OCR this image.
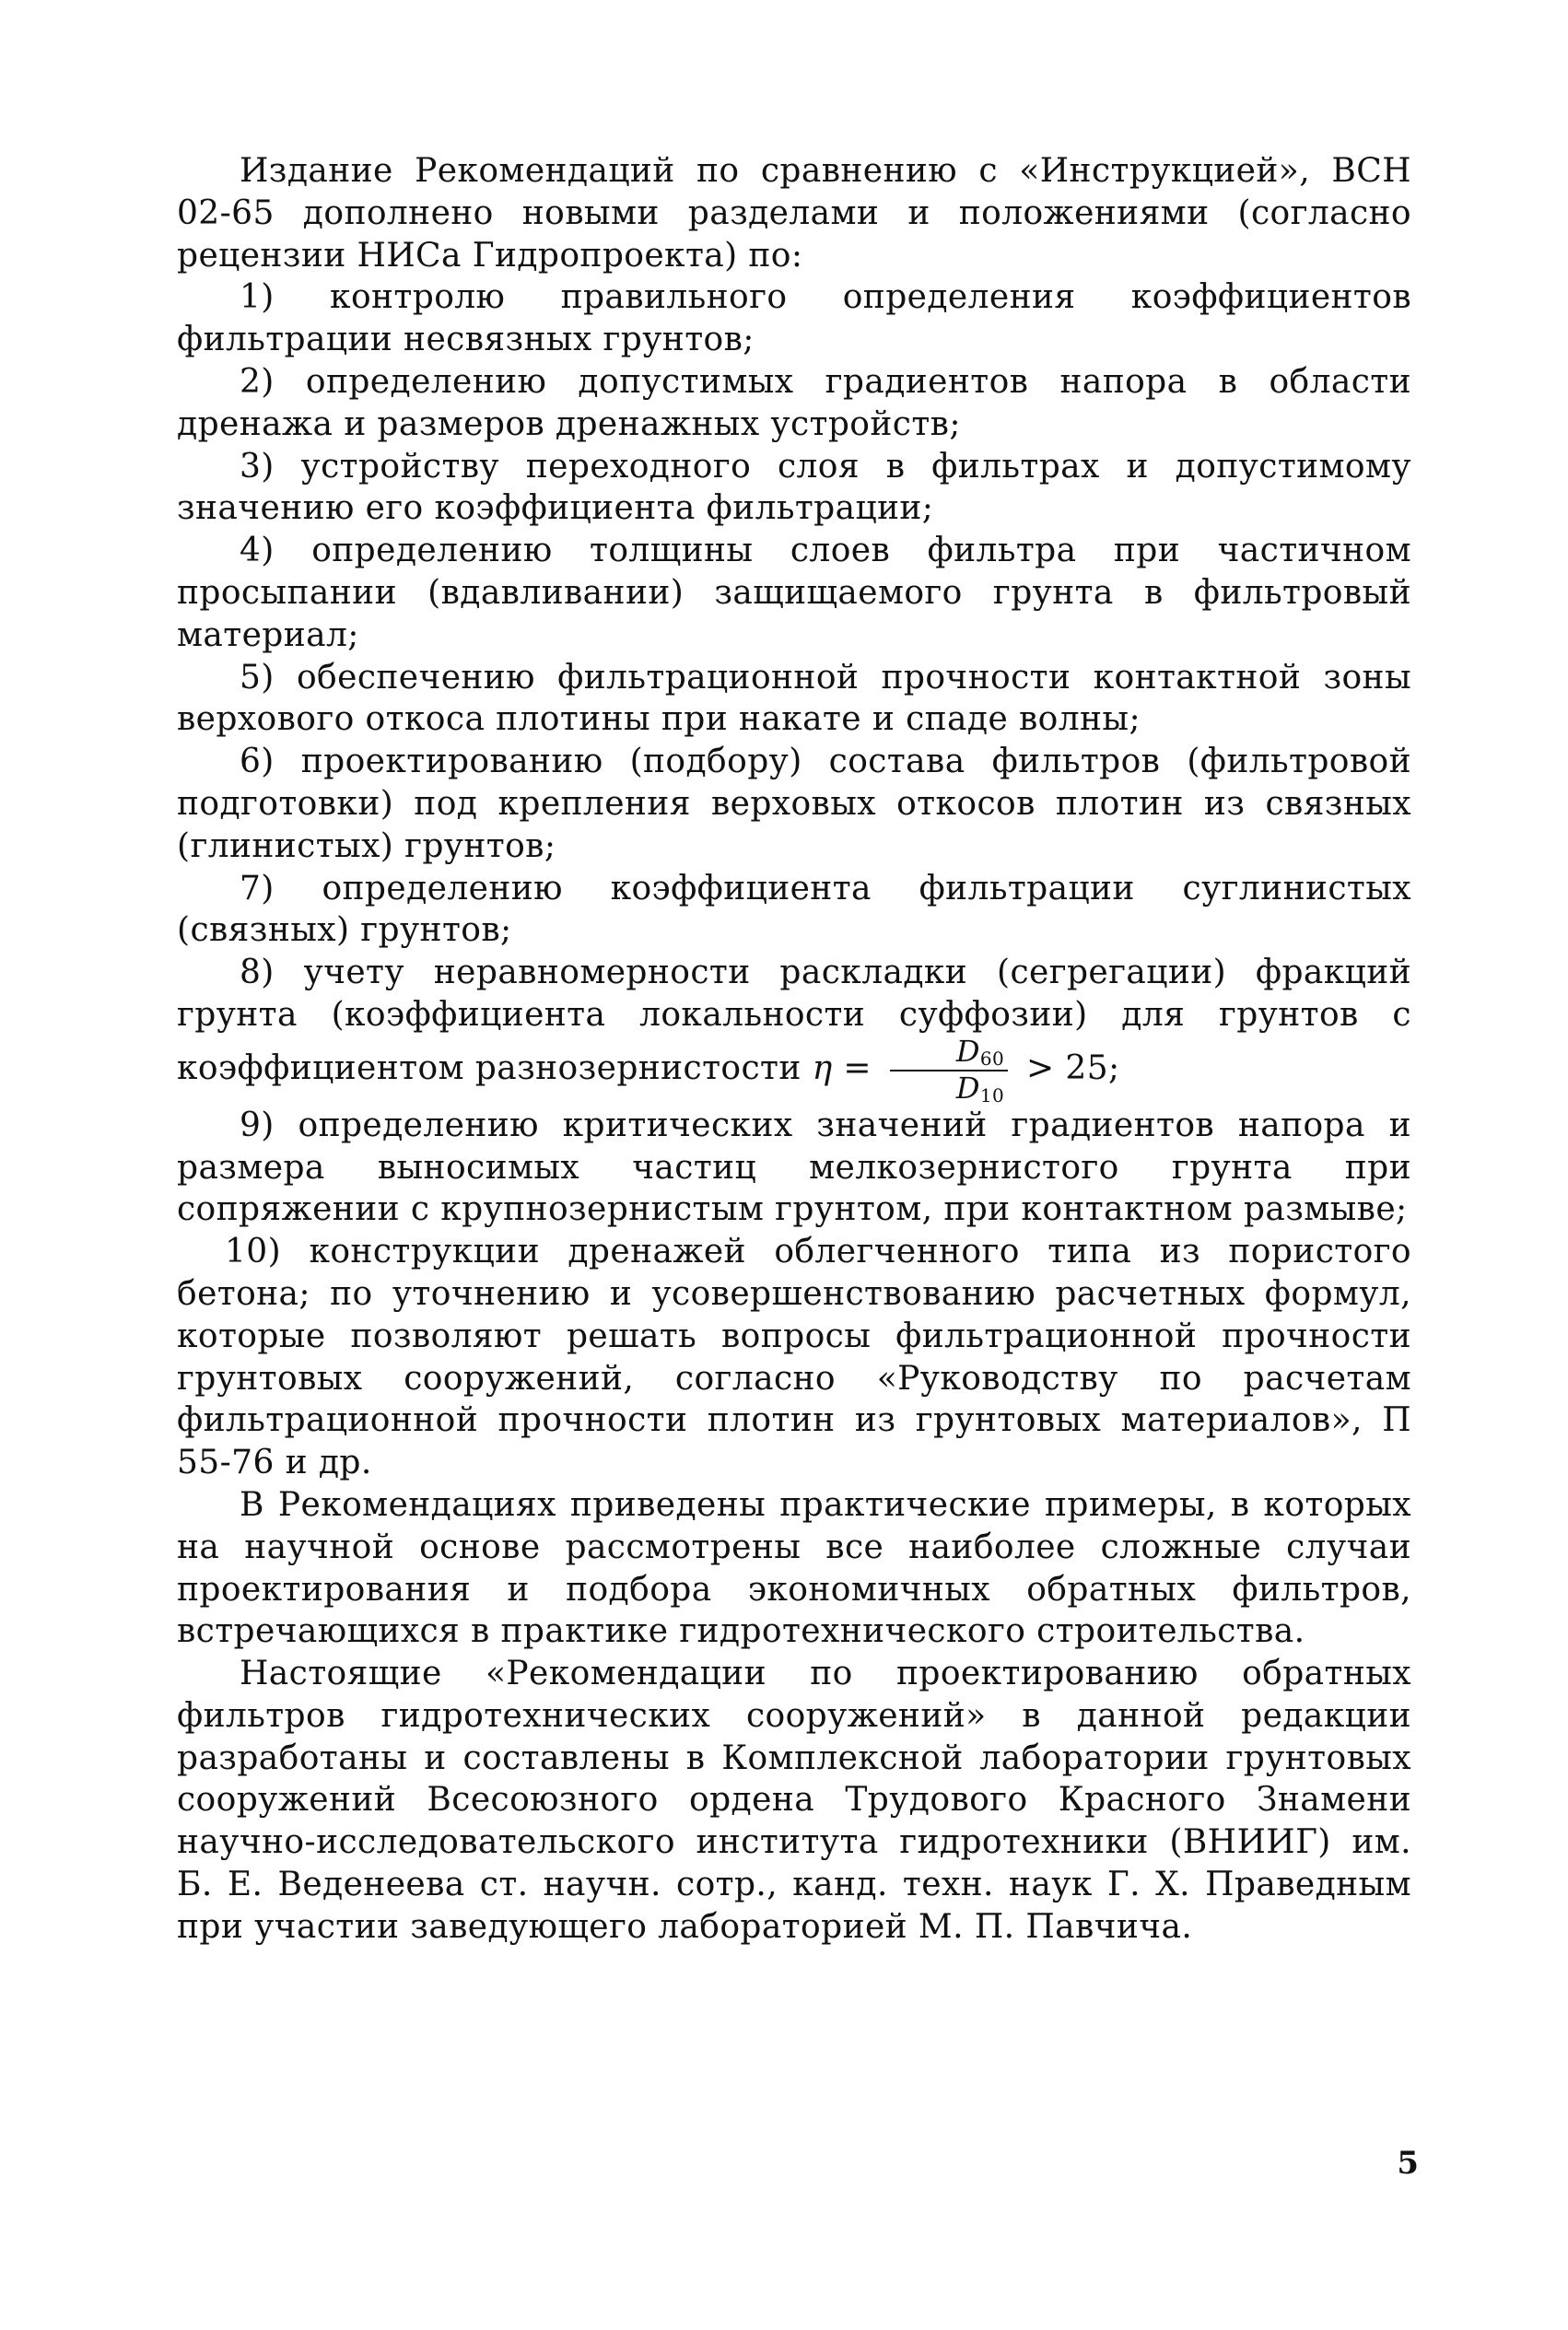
Издание Рекомендаций по сравнению с «Инструкцией», ВСН 02-65 дополнено новыми разделами и положениями (согласно рецензии НИСа Гидропроекта) по:

1) контролю правильного определения коэффициентов фильтрации несвязных грунтов;

2) определению допустимых градиентов напора в области дренажа и размеров дренажных устройств;

3) устройству переходного слоя в фильтрах и допустимому значению его коэффициента фильтрации;

4) определению толщины слоев фильтра при частичном просыпании (вдавливании) защищаемого грунта в фильтровый материал;

5) обеспечению фильтрационной прочности контактной зоны верхового откоса плотины при накате и спаде волны;

6) проектированию (подбору) состава фильтров (фильтровой подготовки) под крепления верховых откосов плотин из связных (глинистых) грунтов;

7) определению коэффициента фильтрации суглинистых (связных) грунтов;

8) учету неравномерности раскладки (сегрегации) фракций грунта (коэффициента локальности суффозии) для грунтов с коэффициентом разнозернистости $\eta = \frac{D_{60}}{D_{10}} > 25$;

9) определению критических значений градиентов напора и размера выносимых частиц мелкозернистого грунта при сопряжении с крупнозернистым грунтом, при контактном размыве;

10) конструкции дренажей облегченного типа из пористого бетона; по уточнению и усовершенствованию расчетных формул, которые позволяют решать вопросы фильтрационной прочности грунтовых сооружений, согласно «Руководству по расчетам фильтрационной прочности плотин из грунтовых материалов», П 55-76 и др.

В Рекомендациях приведены практические примеры, в которых на научной основе рассмотрены все наиболее сложные случаи проектирования и подбора экономичных обратных фильтров, встречающихся в практике гидротехнического строительства.

Настоящие «Рекомендации по проектированию обратных фильтров гидротехнических сооружений» в данной редакции разработаны и составлены в Комплексной лаборатории грунтовых сооружений Всесоюзного ордена Трудового Красного Знамени научно-исследовательского института гидротехники (ВНИИГ) им. Б. Е. Веденеева ст. научн. сотр., канд. техн. наук Г. Х. Праведным при участии заведующего лабораторией М. П. Павчича.

5
